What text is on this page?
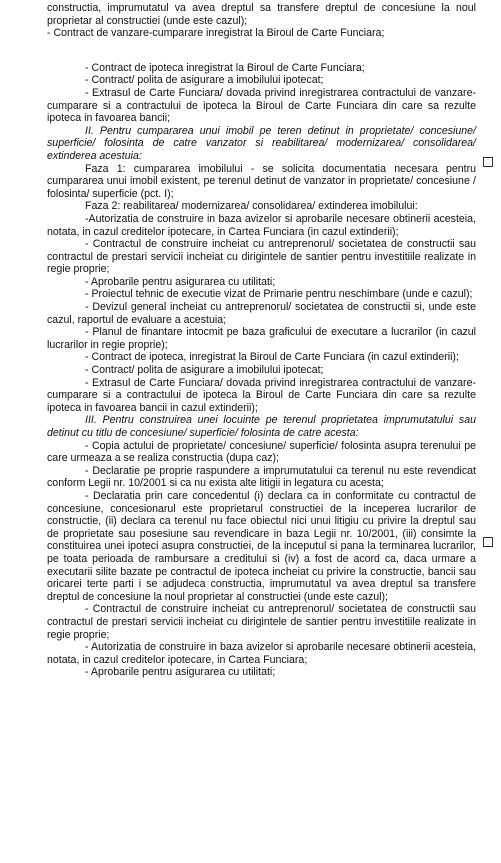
constructia, imprumutatul va avea dreptul sa transfere dreptul de concesiune la noul proprietar al constructiei (unde este cazul);

- Contract de vanzare-cumparare inregistrat la Biroul de Carte Funciara;

- Contract de ipoteca inregistrat la Biroul de Carte Funciara;

- Contract/ polita de asigurare a imobilului ipotecat;

- Extrasul de Carte Funciara/ dovada privind inregistrarea contractului de vanzare-cumparare si a contractului de ipoteca la Biroul de Carte Funciara din care sa rezulte ipoteca in favoarea bancii;

II. Pentru cumpararea unui imobil pe teren detinut in proprietate/ concesiune/ superficie/ folosinta de catre vanzator si reabilitarea/ modernizarea/ consolidarea/ extinderea acestuia:

Faza 1: cumpararea imobilului - se solicita documentatia necesara pentru cumpararea unui imobil existent, pe terenul detinut de vanzator in proprietate/ concesiune / folosinta/ superficie (pct. I);

Faza 2: reabilitarea/ modernizarea/ consolidarea/ extinderea imobilului:

-Autorizatia de construire in baza avizelor si aprobarile necesare obtinerii acesteia, notata, in cazul creditelor ipotecare, in Cartea Funciara (in cazul extinderii);

- Contractul de construire incheiat cu antreprenorul/ societatea de constructii sau contractul de prestari servicii incheiat cu dirigintele de santier pentru investitiile realizate in regie proprie;

- Aprobarile pentru asigurarea cu utilitati;

- Proiectul tehnic de executie vizat de Primarie pentru neschimbare (unde e cazul);

- Devizul general incheiat cu antreprenorul/ societatea de constructii si, unde este cazul, raportul de evaluare a acestuia;

- Planul de finantare intocmit pe baza graficului de executare a lucrarilor (in cazul lucrarilor in regie proprie);

- Contract de ipoteca, inregistrat la Biroul de Carte Funciara (in cazul extinderii);

- Contract/ polita de asigurare a imobilului ipotecat;

- Extrasul de Carte Funciara/ dovada privind inregistrarea contractului de vanzare-cumparare si a contractului de ipoteca la Biroul de Carte Funciara din care sa rezulte ipoteca in favoarea bancii in cazul extinderii);

III. Pentru construirea unei locuinte pe terenul proprietatea imprumutatului sau detinut cu titlu de concesiune/ superficie/ folosinta de catre acesta:

- Copia actului de proprietate/ concesiune/ superficie/ folosinta asupra terenului pe care urmeaza a se realiza constructia (dupa caz);

- Declaratie pe proprie raspundere a imprumutatului ca terenul nu este revendicat conform Legii nr. 10/2001 si ca nu exista alte litigii in legatura cu acesta;

- Declaratia prin care concedentul (i) declara ca in conformitate cu contractul de concesiune, concesionarul este proprietarul constructiei de la inceperea lucrarilor de constructie, (ii) declara ca terenul nu face obiectul nici unui litigiu cu privire la dreptul sau de proprietate sau posesiune sau revendicare in baza Legii nr. 10/2001, (iii) consimte la constituirea unei ipoteci asupra constructiei, de la inceputul si pana la terminarea lucrarilor, pe toata perioada de rambursare a creditului si (iv) a fost de acord ca, daca urmare a executarii silite bazate pe contractul de ipoteca incheiat cu privire la constructie, bancii sau oricarei terte parti i se adjudeca constructia, imprumutatul va avea dreptul sa transfere dreptul de concesiune la noul proprietar al constructiei (unde este cazul);

- Contractul de construire incheiat cu antreprenorul/ societatea de constructii sau contractul de prestari servicii incheiat cu dirigintele de santier pentru investitiile realizate in regie proprie;

- Autorizatia de construire in baza avizelor si aprobarile necesare obtinerii acesteia, notata, in cazul creditelor ipotecare, in Cartea Funciara;

- Aprobarile pentru asigurarea cu utilitati;
